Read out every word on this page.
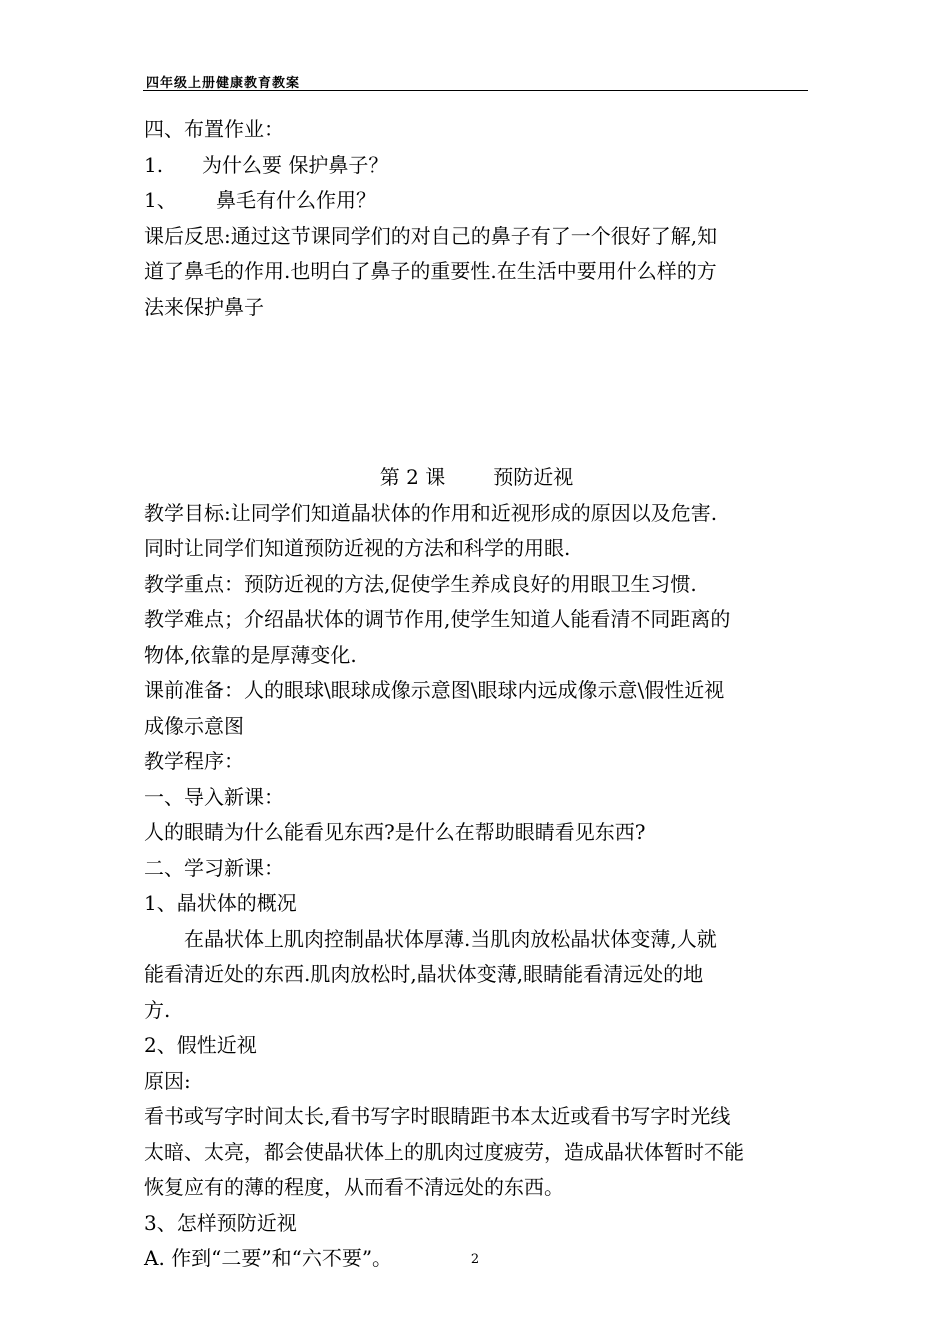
四年级上册健康教育教案
四、布置作业：
1. 为什么要 保护鼻子？
1、 鼻毛有什么作用？
课后反思:通过这节课同学们的对自己的鼻子有了一个很好了解,知
道了鼻毛的作用.也明白了鼻子的重要性.在生活中要用什么样的方
法来保护鼻子
第 2 课 预防近视
教学目标:让同学们知道晶状体的作用和近视形成的原因以及危害.
同时让同学们知道预防近视的方法和科学的用眼.
教学重点：预防近视的方法,促使学生养成良好的用眼卫生习惯.
教学难点；介绍晶状体的调节作用,使学生知道人能看清不同距离的
物体,依靠的是厚薄变化.
课前准备：人的眼球\眼球成像示意图\眼球内远成像示意\假性近视
成像示意图
教学程序：
一、导入新课：
人的眼睛为什么能看见东西?是什么在帮助眼睛看见东西?
二、学习新课：
1、晶状体的概况
在晶状体上肌肉控制晶状体厚薄.当肌肉放松晶状体变薄,人就
能看清近处的东西.肌肉放松时,晶状体变薄,眼睛能看清远处的地
方.
2、假性近视
原因:
看书或写字时间太长,看书写字时眼睛距书本太近或看书写字时光线
太暗、太亮，都会使晶状体上的肌肉过度疲劳，造成晶状体暂时不能
恢复应有的薄的程度，从而看不清远处的东西。
3、怎样预防近视
A. 作到“二要”和“六不要”。	2
